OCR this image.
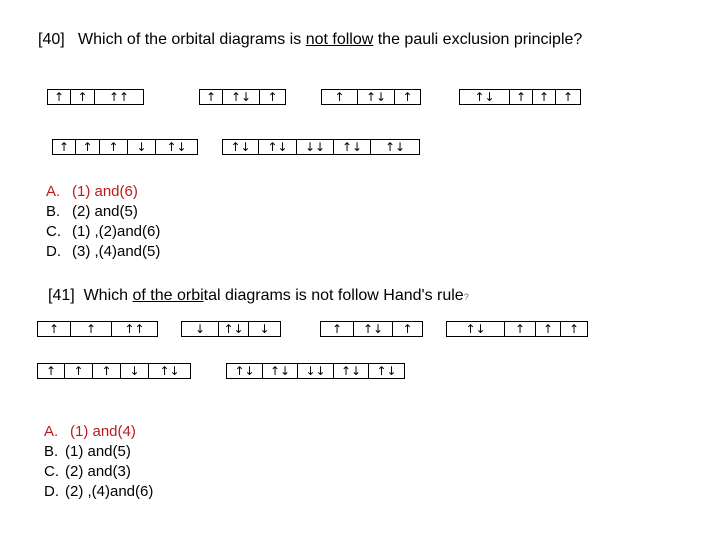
[40] Which of the orbital diagrams is not follow the pauli exclusion principle?
↑	↑	↑↑	↑	↑↓	↑	↑	↑↓	↑	↑↓	↑	↑	↑
↑	↑	↑	↓	↑↓	↑↓	↑↓	↓↓	↑↓	↑↓
A. (1) and(6)
B. (2) and(5)
C. (1) ,(2)and(6)
D. (3) ,(4)and(5)
[41] Which of the orbital diagrams is not follow Hand's rule?
↑	↑	↑↑	↓	↑↓	↓	↑	↑↓	↑	↑↓	↑	↑	↑
↑	↑	↑	↓	↑↓	↑↓	↑↓	↓↓	↑↓	↑↓
A. (1) and(4)
B. (1) and(5)
C. (2) and(3)
D. (2) ,(4)and(6)
